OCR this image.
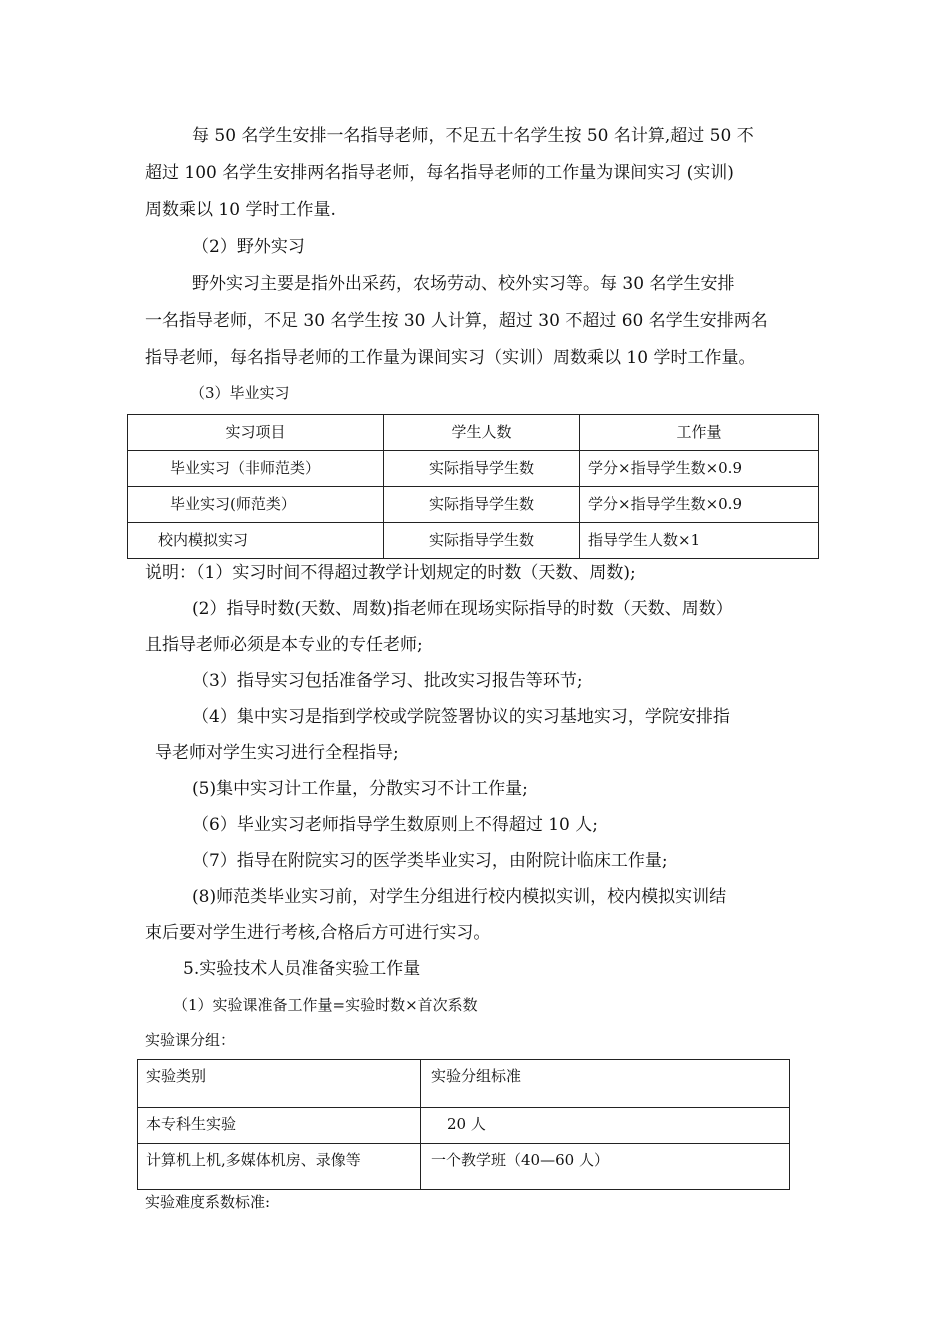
每 50 名学生安排一名指导老师，不足五十名学生按 50 名计算,超过 50 不
超过 100 名学生安排两名指导老师，每名指导老师的工作量为课间实习 (实训)
周数乘以 10 学时工作量.
（2）野外实习
野外实习主要是指外出采药，农场劳动、校外实习等。每 30 名学生安排
一名指导老师，不足 30 名学生按 30 人计算，超过 30 不超过 60 名学生安排两名
指导老师，每名指导老师的工作量为课间实习（实训）周数乘以 10 学时工作量。
（3）毕业实习
实习项目	学生人数	工作量
毕业实习（非师范类）	实际指导学生数	学分×指导学生数×0.9
毕业实习(师范类）	实际指导学生数	学分×指导学生数×0.9
校内模拟实习	实际指导学生数	指导学生人数×1
说明：（1）实习时间不得超过教学计划规定的时数（天数、周数);
(2）指导时数(天数、周数)指老师在现场实际指导的时数（天数、周数）
且指导老师必须是本专业的专任老师;
（3）指导实习包括准备学习、批改实习报告等环节;
（4）集中实习是指到学校或学院签署协议的实习基地实习，学院安排指
导老师对学生实习进行全程指导;
(5)集中实习计工作量，分散实习不计工作量;
（6）毕业实习老师指导学生数原则上不得超过 10 人;
（7）指导在附院实习的医学类毕业实习，由附院计临床工作量;
(8)师范类毕业实习前，对学生分组进行校内模拟实训，校内模拟实训结
束后要对学生进行考核,合格后方可进行实习。
5.实验技术人员准备实验工作量
（1）实验课准备工作量=实验时数×首次系数
实验课分组：
实验类别	实验分组标准
本专科生实验	20 人
计算机上机,多媒体机房、录像等	一个教学班（40—60 人）
实验难度系数标准:
